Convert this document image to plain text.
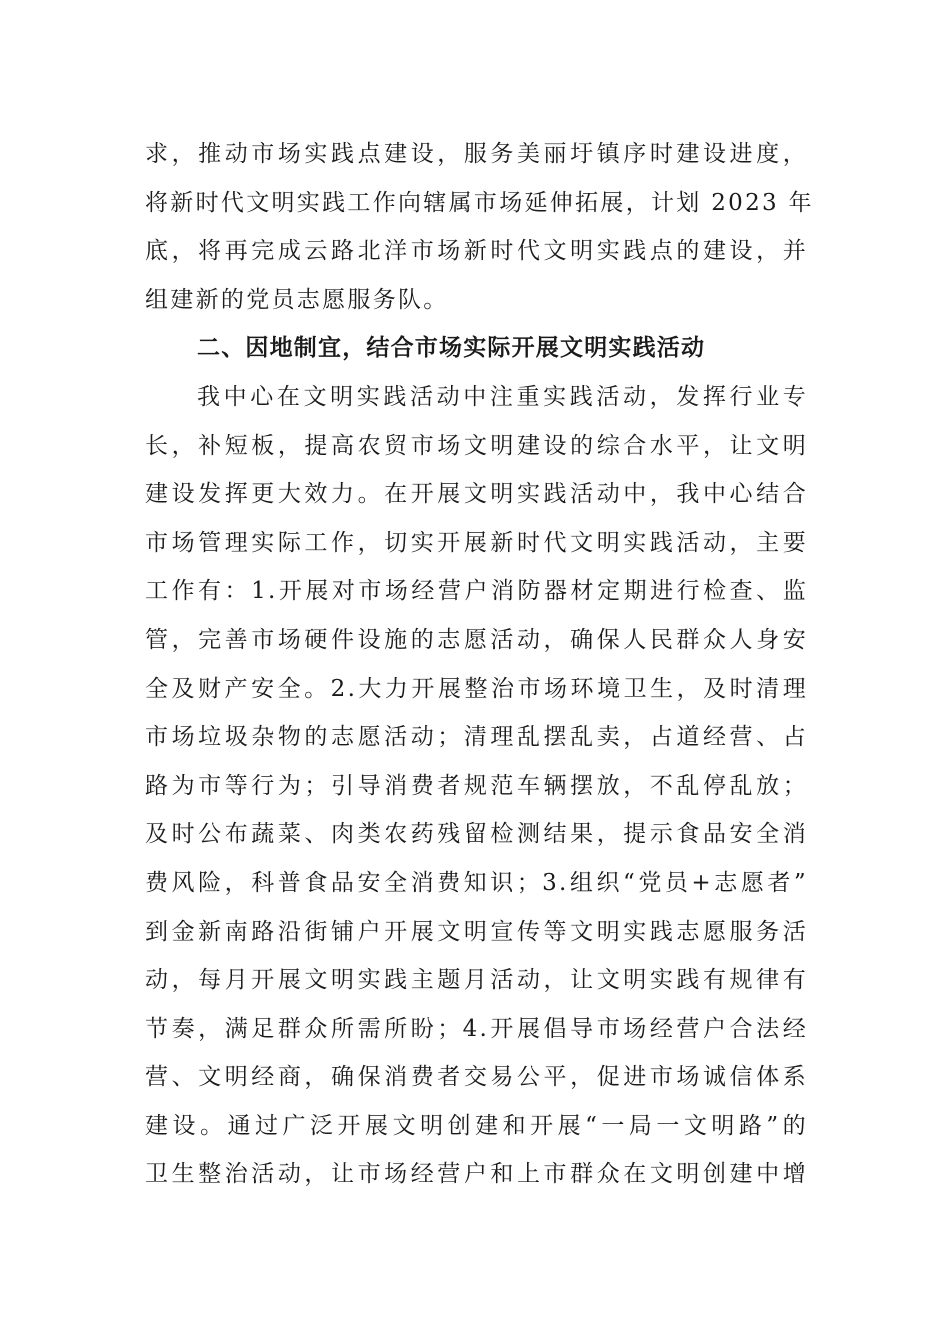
求，推动市场实践点建设，服务美丽圩镇序时建设进度，
将新时代文明实践工作向辖属市场延伸拓展，计划 2023 年
底，将再完成云路北洋市场新时代文明实践点的建设，并
组建新的党员志愿服务队。
二、因地制宜，结合市场实际开展文明实践活动
我中心在文明实践活动中注重实践活动，发挥行业专
长，补短板，提高农贸市场文明建设的综合水平，让文明
建设发挥更大效力。在开展文明实践活动中，我中心结合
市场管理实际工作，切实开展新时代文明实践活动，主要
工作有：1.开展对市场经营户消防器材定期进行检查、监
管，完善市场硬件设施的志愿活动，确保人民群众人身安
全及财产安全。2.大力开展整治市场环境卫生，及时清理
市场垃圾杂物的志愿活动；清理乱摆乱卖，占道经营、占
路为市等行为；引导消费者规范车辆摆放，不乱停乱放；
及时公布蔬菜、肉类农药残留检测结果，提示食品安全消
费风险，科普食品安全消费知识；3.组织“党员+志愿者”
到金新南路沿街铺户开展文明宣传等文明实践志愿服务活
动，每月开展文明实践主题月活动，让文明实践有规律有
节奏，满足群众所需所盼；4.开展倡导市场经营户合法经
营、文明经商，确保消费者交易公平，促进市场诚信体系
建设。通过广泛开展文明创建和开展“一局一文明路”的
卫生整治活动，让市场经营户和上市群众在文明创建中增
